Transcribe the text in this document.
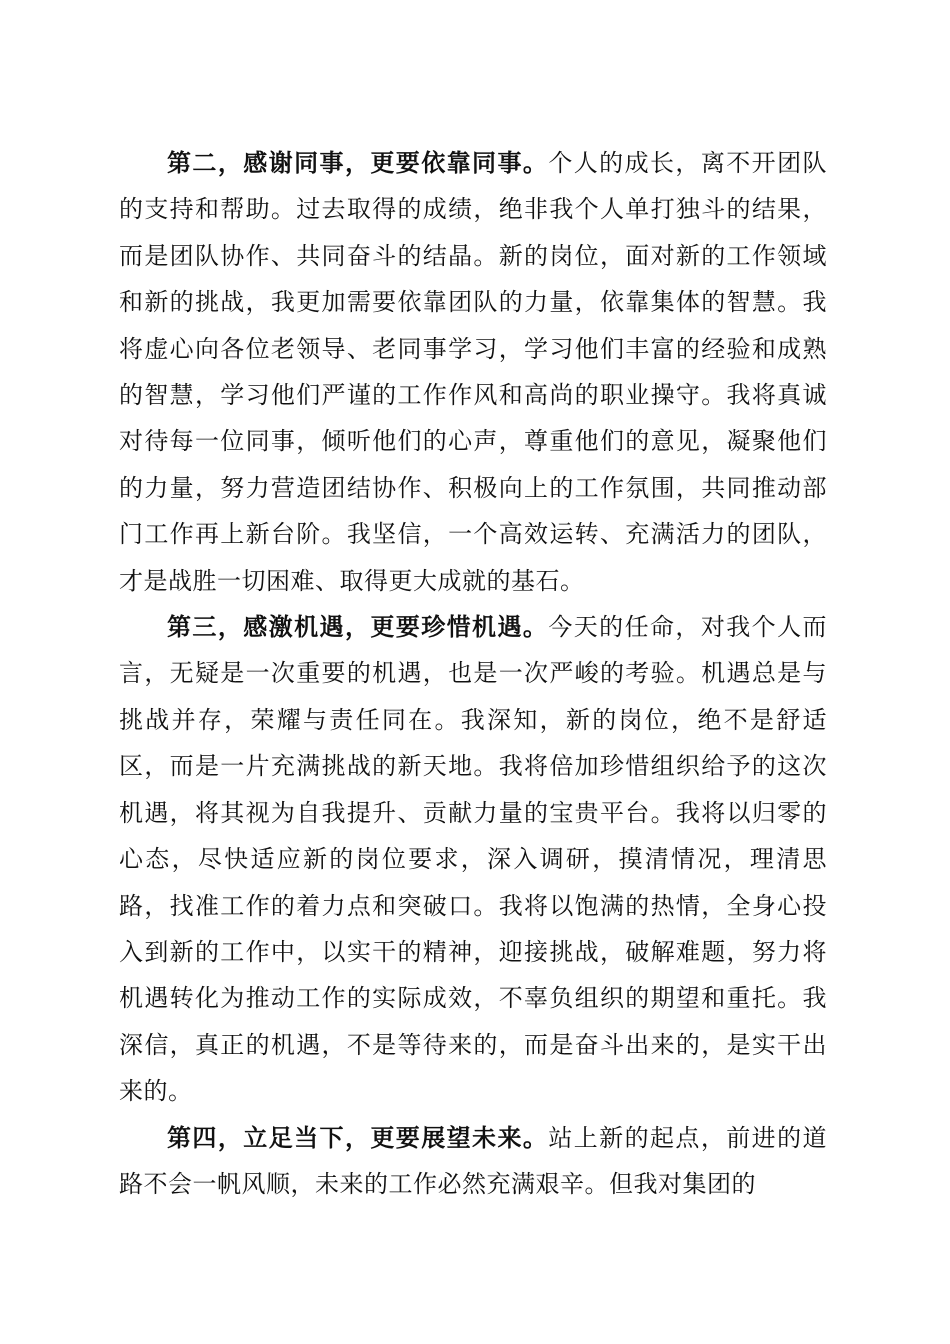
第二，感谢同事，更要依靠同事。个人的成长，离不开团队的支持和帮助。过去取得的成绩，绝非我个人单打独斗的结果，而是团队协作、共同奋斗的结晶。新的岗位，面对新的工作领域和新的挑战，我更加需要依靠团队的力量，依靠集体的智慧。我将虚心向各位老领导、老同事学习，学习他们丰富的经验和成熟的智慧，学习他们严谨的工作作风和高尚的职业操守。我将真诚对待每一位同事，倾听他们的心声，尊重他们的意见，凝聚他们的力量，努力营造团结协作、积极向上的工作氛围，共同推动部门工作再上新台阶。我坚信，一个高效运转、充满活力的团队，才是战胜一切困难、取得更大成就的基石。

第三，感激机遇，更要珍惜机遇。今天的任命，对我个人而言，无疑是一次重要的机遇，也是一次严峻的考验。机遇总是与挑战并存，荣耀与责任同在。我深知，新的岗位，绝不是舒适区，而是一片充满挑战的新天地。我将倍加珍惜组织给予的这次机遇，将其视为自我提升、贡献力量的宝贵平台。我将以归零的心态，尽快适应新的岗位要求，深入调研，摸清情况，理清思路，找准工作的着力点和突破口。我将以饱满的热情，全身心投入到新的工作中，以实干的精神，迎接挑战，破解难题，努力将机遇转化为推动工作的实际成效，不辜负组织的期望和重托。我深信，真正的机遇，不是等待来的，而是奋斗出来的，是实干出来的。

第四，立足当下，更要展望未来。站上新的起点，前进的道路不会一帆风顺，未来的工作必然充满艰辛。但我对集团的
